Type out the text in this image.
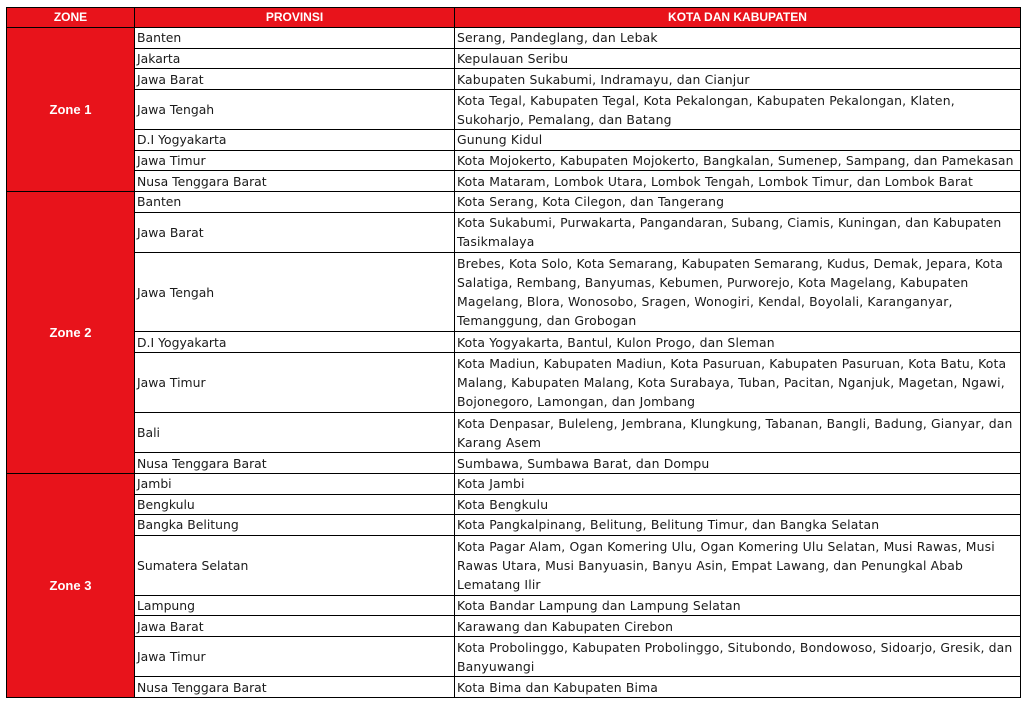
ZONE	PROVINSI	KOTA DAN KABUPATEN
Zone 1	Banten	Serang, Pandeglang, dan Lebak
	Jakarta	Kepulauan Seribu
	Jawa Barat	Kabupaten Sukabumi, Indramayu, dan Cianjur
	Jawa Tengah	Kota Tegal, Kabupaten Tegal, Kota Pekalongan, Kabupaten Pekalongan, Klaten, Sukoharjo, Pemalang, dan Batang
	D.I Yogyakarta	Gunung Kidul
	Jawa Timur	Kota Mojokerto, Kabupaten Mojokerto, Bangkalan, Sumenep, Sampang, dan Pamekasan
	Nusa Tenggara Barat	Kota Mataram, Lombok Utara, Lombok Tengah, Lombok Timur, dan Lombok Barat
Zone 2	Banten	Kota Serang, Kota Cilegon, dan Tangerang
	Jawa Barat	Kota Sukabumi, Purwakarta, Pangandaran, Subang, Ciamis, Kuningan, dan Kabupaten Tasikmalaya
	Jawa Tengah	Brebes, Kota Solo, Kota Semarang, Kabupaten Semarang, Kudus, Demak, Jepara, Kota Salatiga, Rembang, Banyumas, Kebumen, Purworejo, Kota Magelang, Kabupaten Magelang, Blora, Wonosobo, Sragen, Wonogiri, Kendal, Boyolali, Karanganyar, Temanggung, dan Grobogan
	D.I Yogyakarta	Kota Yogyakarta, Bantul, Kulon Progo, dan Sleman
	Jawa Timur	Kota Madiun, Kabupaten Madiun, Kota Pasuruan, Kabupaten Pasuruan, Kota Batu, Kota Malang, Kabupaten Malang, Kota Surabaya, Tuban, Pacitan, Nganjuk, Magetan, Ngawi, Bojonegoro, Lamongan, dan Jombang
	Bali	Kota Denpasar, Buleleng, Jembrana, Klungkung, Tabanan, Bangli, Badung, Gianyar, dan Karang Asem
	Nusa Tenggara Barat	Sumbawa, Sumbawa Barat, dan Dompu
Zone 3	Jambi	Kota Jambi
	Bengkulu	Kota Bengkulu
	Bangka Belitung	Kota Pangkalpinang, Belitung, Belitung Timur, dan Bangka Selatan
	Sumatera Selatan	Kota Pagar Alam, Ogan Komering Ulu, Ogan Komering Ulu Selatan, Musi Rawas, Musi Rawas Utara, Musi Banyuasin, Banyu Asin, Empat Lawang, dan Penungkal Abab Lematang Ilir
	Lampung	Kota Bandar Lampung dan Lampung Selatan
	Jawa Barat	Karawang dan Kabupaten Cirebon
	Jawa Timur	Kota Probolinggo, Kabupaten Probolinggo, Situbondo, Bondowoso, Sidoarjo, Gresik, dan Banyuwangi
	Nusa Tenggara Barat	Kota Bima dan Kabupaten Bima
